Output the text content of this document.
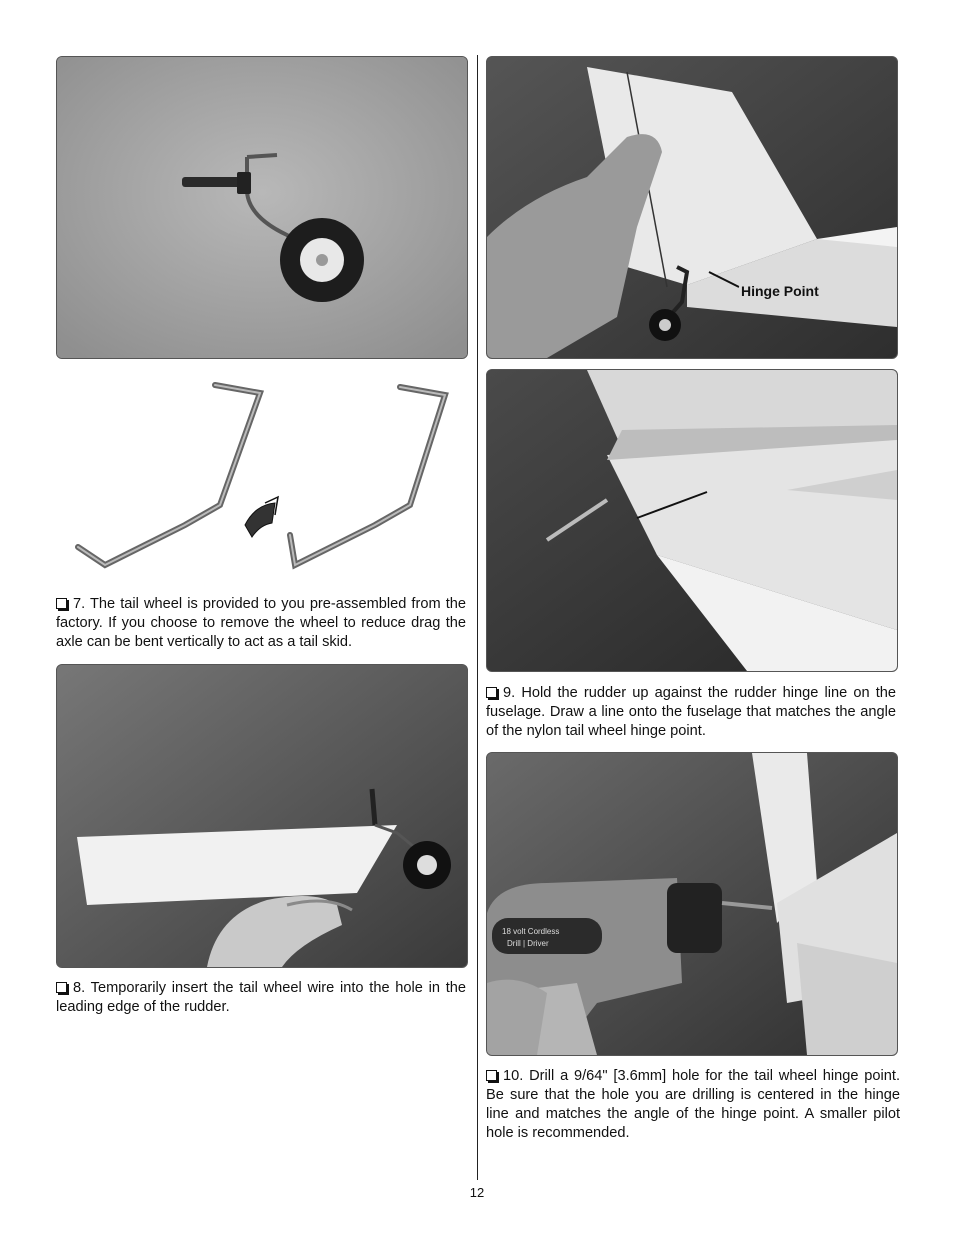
7. The tail wheel is provided to you pre-assembled from the factory. If you choose to remove the wheel to reduce drag the axle can be bent vertically to act as a tail skid.

8. Temporarily insert the tail wheel wire into the hole in the leading edge of the rudder.

Hinge Point

9. Hold the rudder up against the rudder hinge line on the fuselage. Draw a line onto the fuselage that matches the angle of the nylon tail wheel hinge point.

18 volt Cordless
Drill | Driver

10. Drill a 9/64" [3.6mm] hole for the tail wheel hinge point. Be sure that the hole you are drilling is centered in the hinge line and matches the angle of the hinge point. A smaller pilot hole is recommended.

12
